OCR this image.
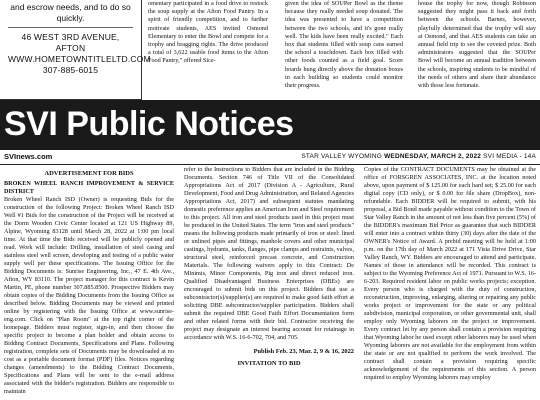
and escrow needs, and to do so quickly.
46 WEST 3RD AVENUE, AFTON
WWW.HOMETOWNTITLELTD.COM
307-885-6015
omentary participated in a food drive to restock the soup supply at the Afton Food Pantry. In a spirit of friendly competition, and to further motivate students, AES invited Osmond Elementary to enter the Bowl and compete for a trophy and bragging rights. The drive produced a total of 3,622 usable food items to the Afton Food Pantry," offered Sice-
given the idea of SOUPer Bowl as the theme because they really needed soup donated. The idea was presented to have a competition between the two schools, and it's gone really well. The kids have been really excited." Each box that students filled with soup cans earned the school a touchdown. Each box filled with other foods counted as a field goal. Score boards hung directly above the donation boxes in each building so students could monitor their progress.
house the trophy for now, though Robinson suggested they might pass it back and forth between the schools. Barnes, however, playfully determined that the trophy will stay at Osmond, and that AES students can take an annual field trip to see the coveted prize. Both administrators suggested that the SOUPer Bowl will become an annual tradition between the schools, inspiring students to be mindful of the needs of others and share their abundance with those less fortunate.
SVI Public Notices
SVInews.com	STAR VALLEY WYOMING WEDNESDAY, MARCH 2, 2022 SVI MEDIA - 14A

ADVERTISEMENT FOR BIDS

BROKEN WHEEL RANCH IMPROVEMENT & SERVICE DISTRICT

Broken Wheel Ranch ISD (Owner) is requesting Bids for the construction of the following Project: Broken Wheel Ranch ISD Well #1 Bids for the construction of the Project will be received at the Dorm Wooden Civic Center located at 121 US Highway 89, Alpine, Wyoming 83128 until March 28, 2022 at 1:00 pm local time. At that time the Bids received will be publicly opened and read. Work will include: Drilling, installation of steel casing and stainless steel well screen, developing and testing of a public water supply well per these specifications. The Issuing Office for the Bidding Documents is: Sunrise Engineering, Inc., 47 E. 4th Ave., Afton, WY 83110. The project manager for this contract is Kevin Martin, PE, phone number 307.885.8500. Prospective Bidders may obtain copies of the Bidding Documents from the Issuing Office as described below. Bidding Documents may be viewed and printed online by registering with the Issuing Office at www.sunrise-eng.com. Click on "Plan Room" at the top right corner of the homepage. Bidders must register, sign-in, and then choose the specific project to become a plan holder and obtain access to Bidding Contract Documents, Specifications and Plans. Following registration, complete sets of Documents may be downloaded at no cost as a portable document format (PDF) files. Notices regarding changes (amendments) to the Bidding Contract Documents, Specifications and Plans will be sent to the e-mail address associated with the bidder's registration. Bidders are responsible to maintain

refer to the Instructions to Bidders that are included in the Bidding Documents. Section 746 of Title VII of the Consolidated Appropriations Act of 2017 (Division A - Agriculture, Rural Development, Food and Drug Administration, and Related Agencies Appropriations Act, 2017) and subsequent statutes mandating domestic preference applies an American Iron and Steel requirement to this project. All iron and steel products used in this project must be produced in the United States. The term "iron and steel products" means the following products made primarily of iron or steel: lined or unlined pipes and fittings, manhole covers and other municipal castings, hydrants, tanks, flanges, pipe clamps and restraints, valves, structural steel, reinforced precast concrete, and Construction Materials. The following waivers apply to this Contract: De Minimis, Minor Components, Pig iron and direct reduced iron. Qualified Disadvantaged Business Enterprises (DBEs) are encouraged to submit bids on this project. Bidders that use a subcontractor(s)/supplier(s) are required to make good faith effort at soliciting DBE subcontractor/supplier participation. Bidders shall submit the required DBE Good Faith Effort Documentation form and other related forms with their bid. Contractor receiving the project may designate an interest bearing account for retainage in accordance with W.S. 16-6-702, 704, and 705.

Publish Feb. 23, Mar. 2, 9 & 16, 2022

INVITATION TO BID

Copies of the CONTRACT DOCUMENTS may be obtained at the office of FORSGREN ASSOCIATES, INC. at the location noted above, upon payment of $ 125.00 for each hard set; $ 25.00 for each digital copy (CD only), or $ 0.00 for file share (DropBox), non-refundable. Each BIDDER will be required to submit, with his proposal, a Bid Bond made payable without condition to the Town of Star Valley Ranch in the amount of not less than five percent (5%) of the BIDDER's maximum Bid Price as guarantee that such BIDDER will enter into a contract within thirty (30) days after the date of the OWNER's Notice of Award. A prebid meeting will be held at 1:00 p.m. on the 17th day of March 2022 at 171 Vista Drive Drive, Star Valley Ranch, WY. Bidders are encouraged to attend and participate. Names of those in attendance will be recorded. This contract is subject to the Wyoming Preference Act of 1971. Pursuant to W.S. 16-6-203. Required resident labor on public works projects; exception. Every person who is charged with the duty of construction, reconstruction, improving, enlarging, altering or repairing any public works project or improvement for the state or any political subdivision, municipal corporation, or other governmental unit, shall employ only Wyoming laborers on the project or improvement. Every contract let by any person shall contain a provision requiring that Wyoming labor be used except other laborers may be used when Wyoming laborers are not available for the employment from within the state or are not qualified to perform the work involved. The contract shall contain a provision requiring specific acknowledgement of the requirements of this section. A person required to employ Wyoming laborers may employ
